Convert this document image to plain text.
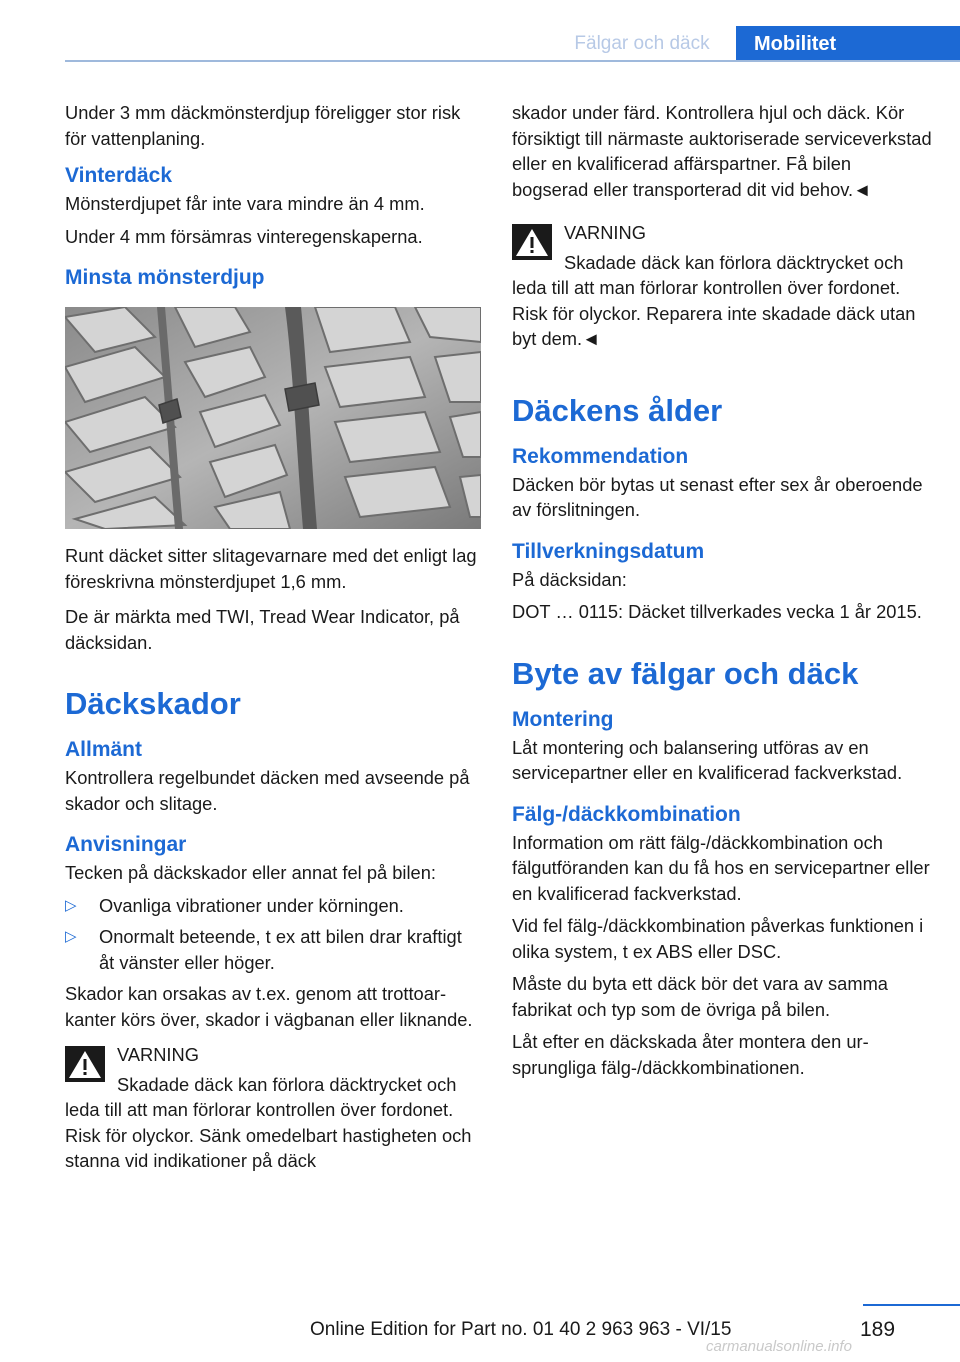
Fälgar och däck	Mobilitet

Under 3 mm däckmönsterdjup föreligger stor risk för vattenplaning.

Vinterdäck

Mönsterdjupet får inte vara mindre än 4 mm.

Under 4 mm försämras vinteregenskaperna.

Minsta mönsterdjup

Runt däcket sitter slitagevarnare med det enligt lag föreskrivna mönsterdjupet 1,6 mm.

De är märkta med TWI, Tread Wear Indicator, på däcksidan.

Däckskador
Allmänt

Kontrollera regelbundet däcken med avseende på skador och slitage.

Anvisningar

Tecken på däckskador eller annat fel på bilen:

▷ Ovanliga vibrationer under körningen.
▷ Onormalt beteende, t ex att bilen drar kraftigt åt vänster eller höger.

Skador kan orsakas av t.ex. genom att trottoarkanter körs över, skador i vägbanan eller liknande.

VARNING

Skadade däck kan förlora däcktrycket och leda till att man förlorar kontrollen över fordonet. Risk för olyckor. Sänk omedelbart hastigheten och stanna vid indikationer på däck

skador under färd. Kontrollera hjul och däck. Kör försiktigt till närmaste auktoriserade serviceverkstad eller en kvalificerad affärspartner. Få bilen bogserad eller transporterad dit vid behov.◄

VARNING

Skadade däck kan förlora däcktrycket och leda till att man förlorar kontrollen över fordonet. Risk för olyckor. Reparera inte skadade däck utan byt dem.◄

Däckens ålder
Rekommendation

Däcken bör bytas ut senast efter sex år oberoende av förslitningen.

Tillverkningsdatum

På däcksidan:

DOT … 0115: Däcket tillverkades vecka 1 år 2015.

Byte av fälgar och däck
Montering

Låt montering och balansering utföras av en servicepartner eller en kvalificerad fackverkstad.

Fälg-/däckkombination

Information om rätt fälg-/däckkombination och fälgutföranden kan du få hos en servicepartner eller en kvalificerad fackverkstad.

Vid fel fälg-/däckkombination påverkas funktionen i olika system, t ex ABS eller DSC.

Måste du byta ett däck bör det vara av samma fabrikat och typ som de övriga på bilen.

Låt efter en däckskada åter montera den ursprungliga fälg-/däckkombinationen.

189
Online Edition for Part no. 01 40 2 963 963 - VI/15
carmanualsonline.info
